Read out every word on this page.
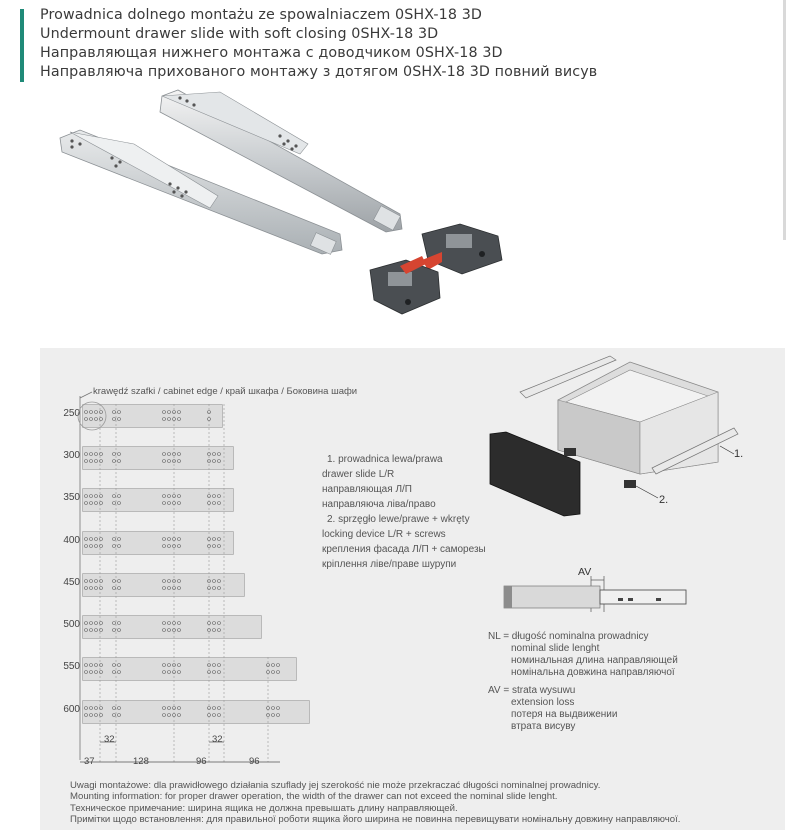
Prowadnica dolnego montażu ze spowalniaczem 0SHX-18 3D
Undermount drawer slide with soft closing 0SHX-18 3D
Направляющая нижнего монтажа с доводчиком 0SHX-18 3D
Направляюча прихованого монтажу з дотягом 0SHX-18 3D повний висув
krawędź szafki / cabinet edge / край шкафа / Боковина шафи
250
300
350
400
450
500
550
600
37
32
128	96
32
96
1. prowadnica lewa/prawa
drawer slide L/R
направляющая Л/П
направляюча ліва/право
2. sprzęgło lewe/prawe + wkręty
locking device L/R + screws
крепления фасада Л/П + саморезы
кріплення ліве/праве шурупи
1.
2.
AV
NL = długość nominalna prowadnicy
nominal slide lenght
номинальная длина направляющей
номінальна довжина направляючої
AV = strata wysuwu
extension loss
потеря на выдвижении
втрата висуву
Uwagi montażowe: dla prawidłowego działania szuflady jej szerokość nie może przekraczać długości nominalnej prowadnicy.
Mounting information: for proper drawer operation, the width of the drawer can not exceed the nominal slide lenght.
Техническое примечание: ширина ящика не должна превышать длину направляющей.
Примітки щодо встановлення: для правильної роботи ящика його ширина не повинна перевищувати номінальну довжину направляючої.
